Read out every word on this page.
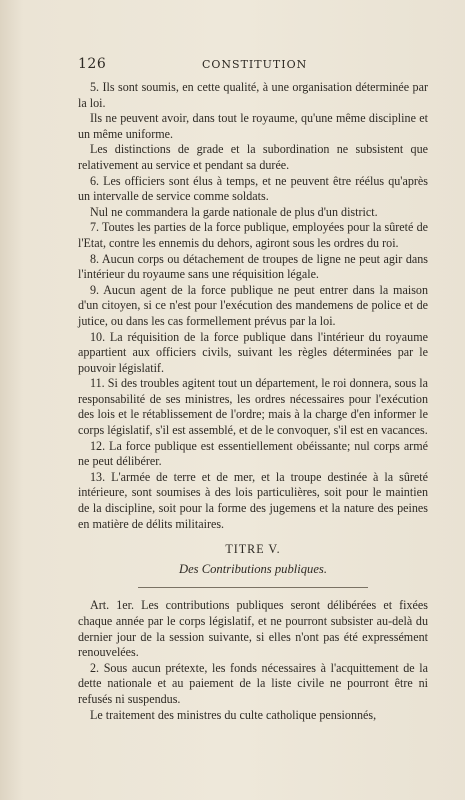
126	CONSTITUTION

5. Ils sont soumis, en cette qualité, à une organisation déterminée par la loi.

Ils ne peuvent avoir, dans tout le royaume, qu'une même discipline et un même uniforme.

Les distinctions de grade et la subordination ne subsistent que relativement au service et pendant sa durée.

6. Les officiers sont élus à temps, et ne peuvent être réélus qu'après un intervalle de service comme soldats.

Nul ne commandera la garde nationale de plus d'un district.

7. Toutes les parties de la force publique, employées pour la sûreté de l'Etat, contre les ennemis du dehors, agiront sous les ordres du roi.

8. Aucun corps ou détachement de troupes de ligne ne peut agir dans l'intérieur du royaume sans une réquisition légale.

9. Aucun agent de la force publique ne peut entrer dans la maison d'un citoyen, si ce n'est pour l'exécution des mandemens de police et de jutice, ou dans les cas formellement prévus par la loi.

10. La réquisition de la force publique dans l'intérieur du royaume appartient aux officiers civils, suivant les règles déterminées par le pouvoir législatif.

11. Si des troubles agitent tout un département, le roi donnera, sous la responsabilité de ses ministres, les ordres nécessaires pour l'exécution des lois et le rétablissement de l'ordre; mais à la charge d'en informer le corps législatif, s'il est assemblé, et de le convoquer, s'il est en vacances.

12. La force publique est essentiellement obéissante; nul corps armé ne peut délibérer.

13. L'armée de terre et de mer, et la troupe destinée à la sûreté intérieure, sont soumises à des lois particulières, soit pour le maintien de la discipline, soit pour la forme des jugemens et la nature des peines en matière de délits militaires.

TITRE V.

Des Contributions publiques.

Art. 1er. Les contributions publiques seront délibérées et fixées chaque année par le corps législatif, et ne pourront subsister au-delà du dernier jour de la session suivante, si elles n'ont pas été expressément renouvelées.

2. Sous aucun prétexte, les fonds nécessaires à l'acquittement de la dette nationale et au paiement de la liste civile ne pourront être ni refusés ni suspendus.

Le traitement des ministres du culte catholique pensionnés,
